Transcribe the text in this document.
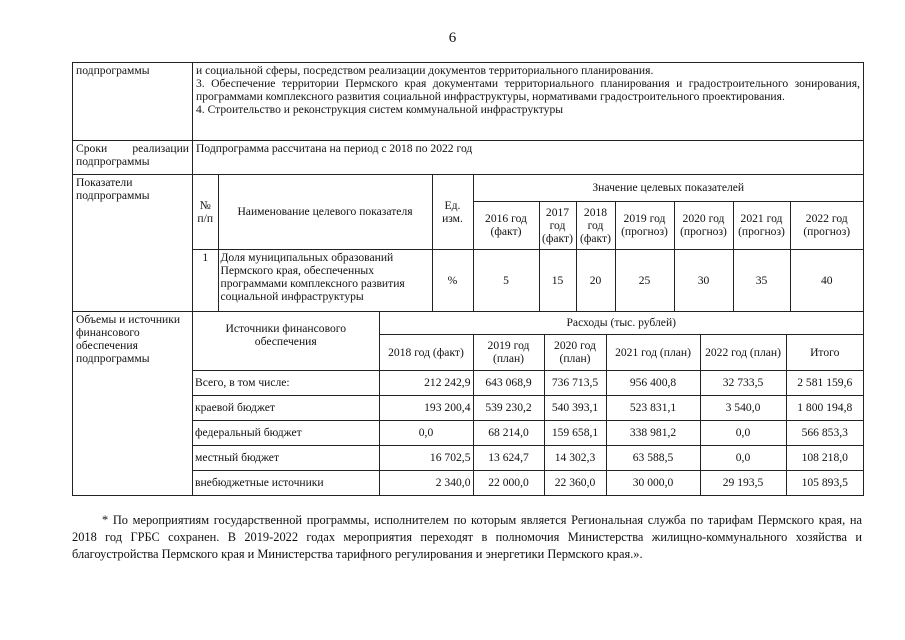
6
подпрограммы	и социальной сферы, посредством реализации документов территориального планирования.
3. Обеспечение территории Пермского края документами территориального планирования и градостроительного зонирования, программами комплексного развития социальной инфраструктуры, нормативами градостроительного проектирования.
4. Строительство и реконструкция систем коммунальной инфраструктуры

Сроки реализации подпрограммы
	Подпрограмма рассчитана на период с 2018 по 2022 год
Показатели подпрограммы	
№ п/п	Наименование целевого показателя	Ед. изм.	Значение целевых показателей
2016 год (факт)	2017 год (факт)	2018 год (факт)	2019 год (прогноз)	2020 год (прогноз)	2021 год (прогноз)	2022 год (прогноз)
1	Доля муниципальных образований Пермского края, обеспеченных программами комплексного развития социальной инфраструктуры	%	5	15	20	25	30	35	40

Объемы и источники финансового обеспечения подпрограммы	
Источники финансового обеспечения	Расходы (тыс. рублей)
2018 год (факт)	2019 год (план)	2020 год (план)	2021 год (план)	2022 год (план)	Итого
Всего, в том числе:	212 242,9	643 068,9	736 713,5	956 400,8	32 733,5	2 581 159,6
краевой бюджет	193 200,4	539 230,2	540 393,1	523 831,1	3 540,0	1 800 194,8
федеральный бюджет	0,0	68 214,0	159 658,1	338 981,2	0,0	566 853,3
местный бюджет	16 702,5	13 624,7	14 302,3	63 588,5	0,0	108 218,0
внебюджетные источники	2 340,0	22 000,0	22 360,0	30 000,0	29 193,5	105 893,5
* По мероприятиям государственной программы, исполнителем по которым является Региональная служба по тарифам Пермского края, на 2018 год ГРБС сохранен. В 2019-2022 годах мероприятия переходят в полномочия Министерства жилищно-коммунального хозяйства и благоустройства Пермского края и Министерства тарифного регулирования и энергетики Пермского края.».
